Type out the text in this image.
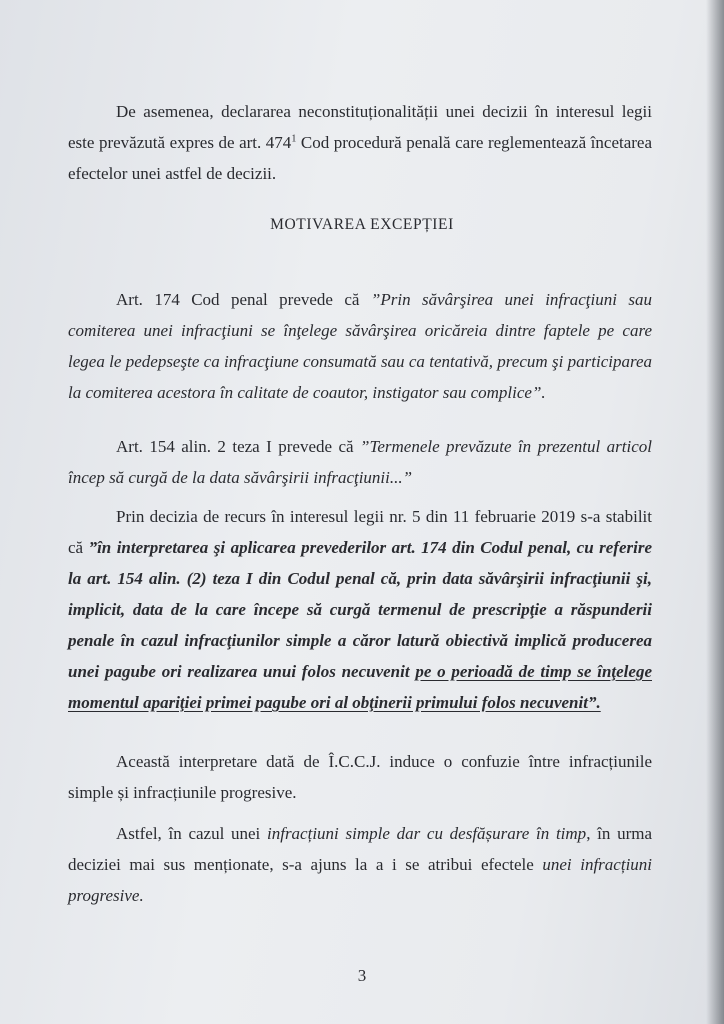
De asemenea, declararea neconstituționalității unei decizii în interesul legii este prevăzută expres de art. $474^1$ Cod procedură penală care reglementează încetarea efectelor unei astfel de decizii.

MOTIVAREA EXCEPȚIEI

Art. 174 Cod penal prevede că ”Prin săvârşirea unei infracţiuni sau comiterea unei infracţiuni se înţelege săvârşirea oricăreia dintre faptele pe care legea le pedepseşte ca infracţiune consumată sau ca tentativă, precum şi participarea la comiterea acestora în calitate de coautor, instigator sau complice”.

Art. 154 alin. 2 teza I prevede că ”Termenele prevăzute în prezentul articol încep să curgă de la data săvârşirii infracţiunii...”

Prin decizia de recurs în interesul legii nr. 5 din 11 februarie 2019 s-a stabilit că ”în interpretarea şi aplicarea prevederilor art. 174 din Codul penal, cu referire la art. 154 alin. (2) teza I din Codul penal că, prin data săvârşirii infracţiunii şi, implicit, data de la care începe să curgă termenul de prescripţie a răspunderii penale în cazul infracţiunilor simple a căror latură obiectivă implică producerea unei pagube ori realizarea unui folos necuvenit pe o perioadă de timp se înţelege momentul apariţiei primei pagube ori al obţinerii primului folos necuvenit”.

Această interpretare dată de Î.C.C.J. induce o confuzie între infracțiunile simple și infracțiunile progresive.

Astfel, în cazul unei infracțiuni simple dar cu desfășurare în timp, în urma deciziei mai sus menționate, s-a ajuns la a i se atribui efectele unei infracțiuni progresive.

3
